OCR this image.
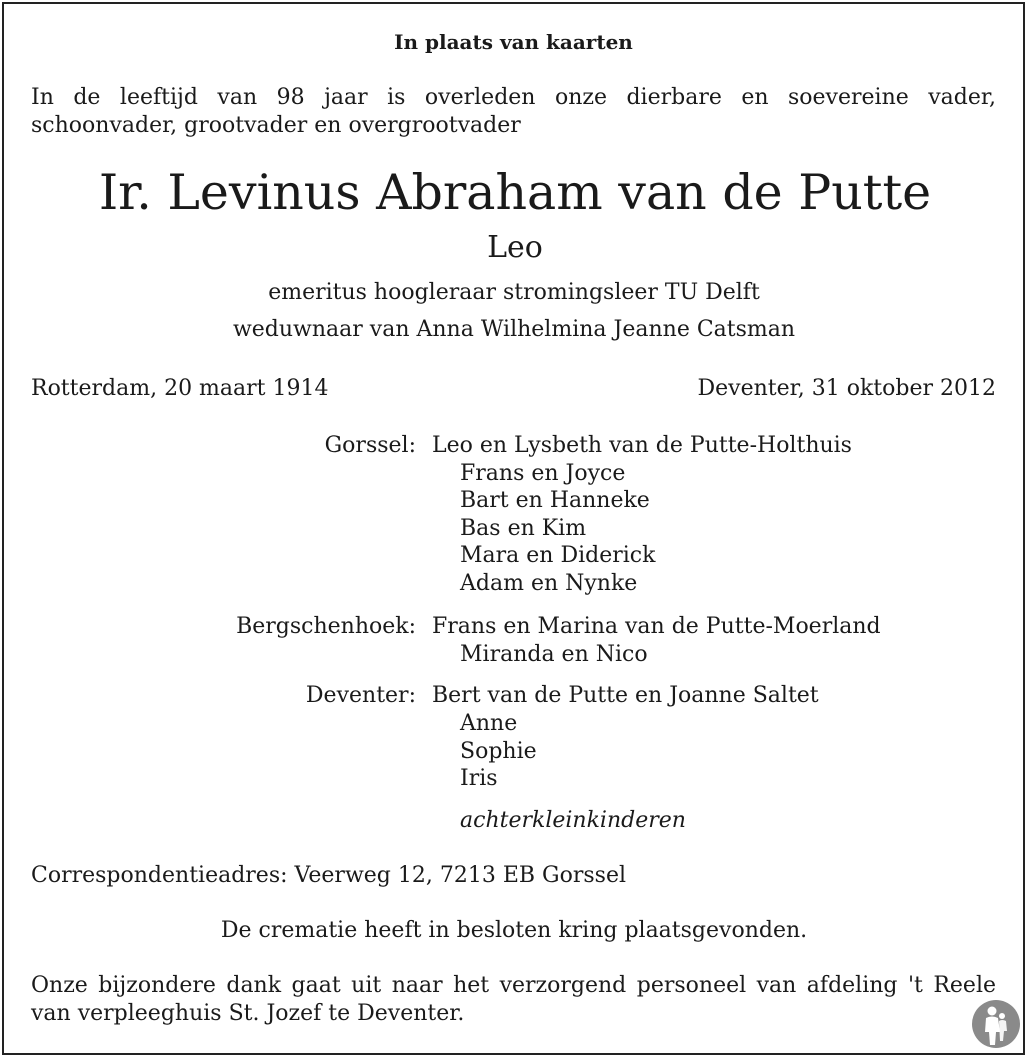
In plaats van kaarten
In de leeftijd van 98 jaar is overleden onze dierbare en soevereine vader,
schoonvader, grootvader en overgrootvader
Ir. Levinus Abraham van de Putte
Leo
emeritus hoogleraar stromingsleer TU Delft
weduwnaar van Anna Wilhelmina Jeanne Catsman
Rotterdam, 20 maart 1914	Deventer, 31 oktober 2012
Gorssel: Leo en Lysbeth van de Putte-Holthuis
Frans en Joyce
Bart en Hanneke
Bas en Kim
Mara en Diderick
Adam en Nynke
Bergschenhoek: Frans en Marina van de Putte-Moerland
Miranda en Nico
Deventer: Bert van de Putte en Joanne Saltet
Anne
Sophie
Iris
achterkleinkinderen
Correspondentieadres: Veerweg 12, 7213 EB Gorssel
De crematie heeft in besloten kring plaatsgevonden.
Onze bijzondere dank gaat uit naar het verzorgend personeel van afdeling 't Reele
van verpleeghuis St. Jozef te Deventer.
